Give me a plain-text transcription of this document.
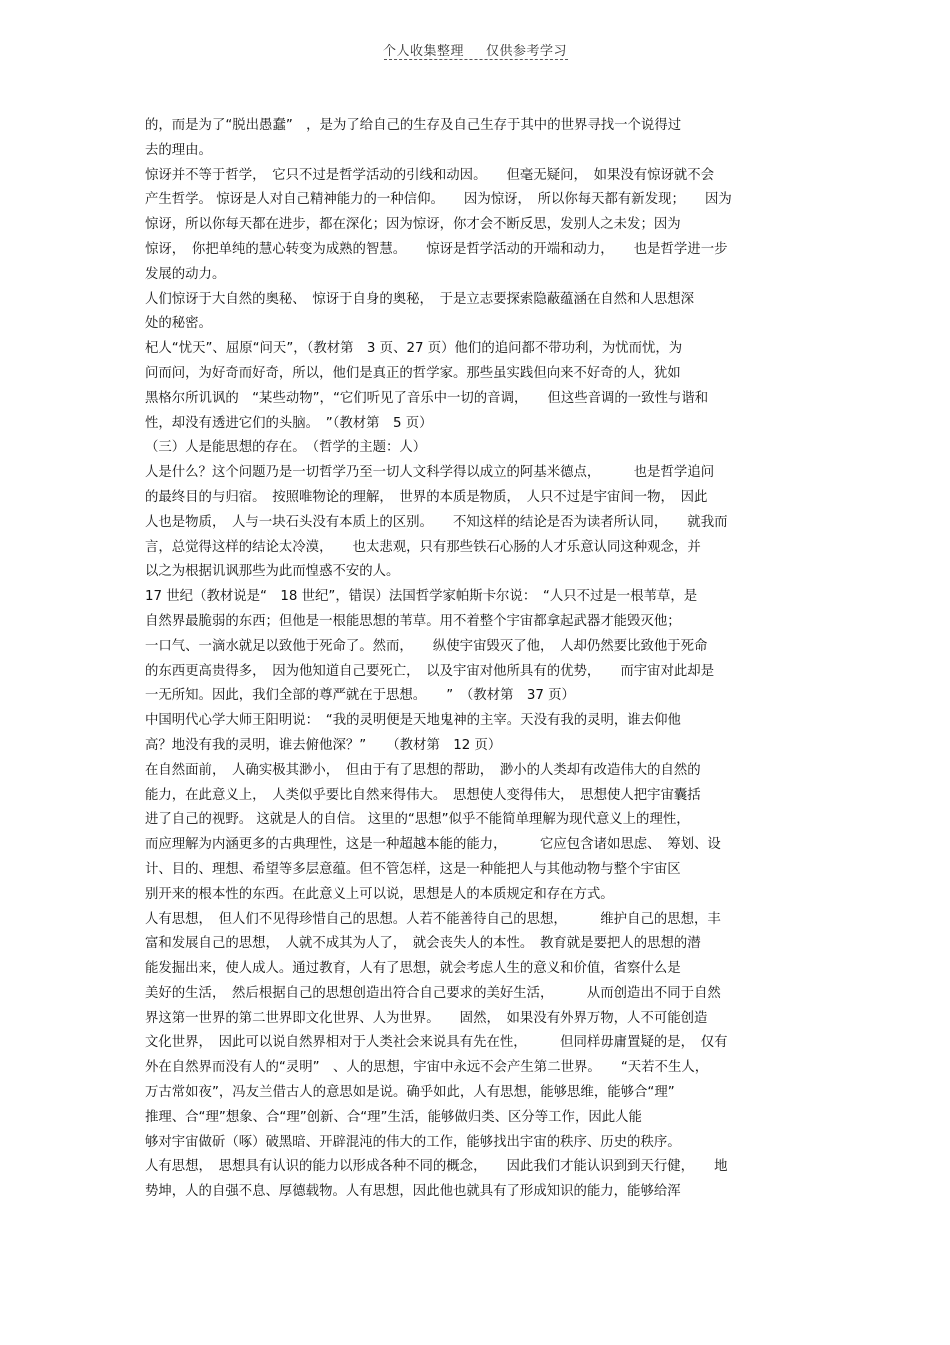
个人收集整理 仅供参考学习
的，而是为了“脱出愚蠢”　，是为了给自己的生存及自己生存于其中的世界寻找一个说得过
去的理由。
惊讶并不等于哲学，　它只不过是哲学活动的引线和动因。　　但毫无疑问，　如果没有惊讶就不会
产生哲学。 惊讶是人对自己精神能力的一种信仰。　　因为惊讶，　所以你每天都有新发现；　　因为
惊讶，所以你每天都在进步，都在深化；因为惊讶，你才会不断反思，发别人之未发；因为
惊讶，　你把单纯的慧心转变为成熟的智慧。　　惊讶是哲学活动的开端和动力，　　也是哲学进一步
发展的动力。
人们惊讶于大自然的奥秘、　惊讶于自身的奥秘，　于是立志要探索隐蔽蕴涵在自然和人思想深
处的秘密。
杞人“忧天”、屈原“问天”，（教材第　3 页、27 页）他们的追问都不带功利，为忧而忧，为
问而问，为好奇而好奇，所以，他们是真正的哲学家。那些虽实践但向来不好奇的人，犹如
黑格尔所讥讽的　“某些动物”，“它们听见了音乐中一切的音调，　　但这些音调的一致性与谐和
性，却没有透进它们的头脑。　”（教材第　5 页）
（三）人是能思想的存在。　（哲学的主题：人）
人是什么？这个问题乃是一切哲学乃至一切人文科学得以成立的阿基米德点，　　　也是哲学追问
的最终目的与归宿。　按照唯物论的理解，　世界的本质是物质，　人只不过是宇宙间一物，　因此
人也是物质，　人与一块石头没有本质上的区别。　　不知这样的结论是否为读者所认同，　　就我而
言，总觉得这样的结论太冷漠，　　也太悲观，只有那些铁石心肠的人才乐意认同这种观念，并
以之为根据讥讽那些为此而惶惑不安的人。
17 世纪（教材说是“　18 世纪”，错误）法国哲学家帕斯卡尔说：　“人只不过是一根苇草，是
自然界最脆弱的东西；但他是一根能思想的苇草。用不着整个宇宙都拿起武器才能毁灭他；
一口气、一滴水就足以致他于死命了。然而，　　纵使宇宙毁灭了他，　人却仍然要比致他于死命
的东西更高贵得多，　因为他知道自己要死亡，　以及宇宙对他所具有的优势，　　而宇宙对此却是
一无所知。因此，我们全部的尊严就在于思想。　　”　（教材第　37 页）
中国明代心学大师王阳明说：　“我的灵明便是天地鬼神的主宰。天没有我的灵明，谁去仰他
高？地没有我的灵明，谁去俯他深？”　　（教材第　12 页）
在自然面前，　人确实极其渺小，　但由于有了思想的帮助，　渺小的人类却有改造伟大的自然的
能力，在此意义上，　人类似乎要比自然来得伟大。　思想使人变得伟大，　思想使人把宇宙囊括
进了自己的视野。 这就是人的自信。 这里的“思想”似乎不能简单理解为现代意义上的理性，
而应理解为内涵更多的古典理性，这是一种超越本能的能力，　　　它应包含诸如思虑、　筹划、设
计、目的、理想、希望等多层意蕴。但不管怎样，这是一种能把人与其他动物与整个宇宙区
别开来的根本性的东西。在此意义上可以说，思想是人的本质规定和存在方式。
人有思想，　但人们不见得珍惜自己的思想。人若不能善待自己的思想，　　　维护自己的思想，丰
富和发展自己的思想，　人就不成其为人了，　就会丧失人的本性。　教育就是要把人的思想的潜
能发掘出来，使人成人。通过教育，人有了思想，就会考虑人生的意义和价值，省察什么是
美好的生活，　然后根据自己的思想创造出符合自己要求的美好生活，　　　从而创造出不同于自然
界这第一世界的第二世界即文化世界、人为世界。　　固然，　如果没有外界万物，人不可能创造
文化世界，　因此可以说自然界相对于人类社会来说具有先在性，　　　但同样毋庸置疑的是，　仅有
外在自然界而没有人的“灵明”　、人的思想，宇宙中永远不会产生第二世界。　　“天若不生人，
万古常如夜”，冯友兰借古人的意思如是说。确乎如此，人有思想，能够思维，能够合“理”
推理、合“理”想象、合“理”创新、合“理”生活，能够做归类、区分等工作，因此人能
够对宇宙做斫（啄）破黑暗、开辟混沌的伟大的工作，能够找出宇宙的秩序、历史的秩序。
人有思想，　思想具有认识的能力以形成各种不同的概念，　　因此我们才能认识到到天行健，　　地
势坤，人的自强不息、厚德载物。人有思想，因此他也就具有了形成知识的能力，能够给浑
